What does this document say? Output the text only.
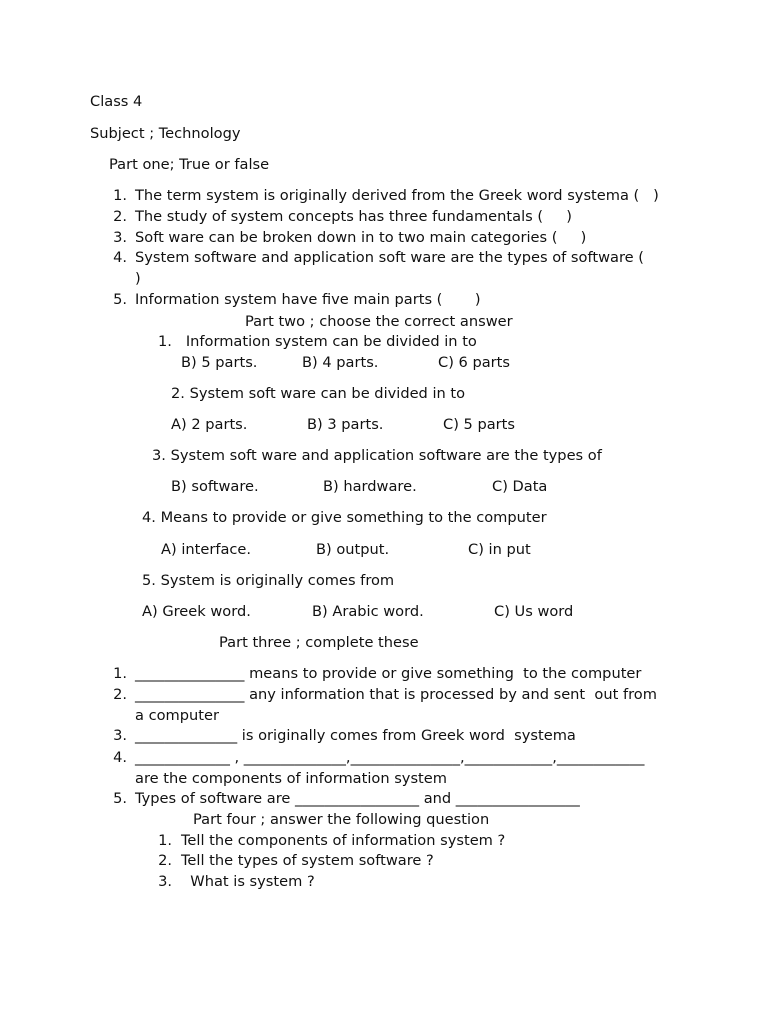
Class 4
Subject ; Technology
Part one; True or false
1. The term system is originally derived from the Greek word systema (   )
2. The study of system concepts has three fundamentals (     )
3. Soft ware can be broken down in to two main categories (     )
4. System software and application soft ware are the types of software (
)
5. Information system have five main parts (       )
Part two ; choose the correct answer
1.   Information system can be divided in to
B) 5 parts.	B) 4 parts.	C) 6 parts
2. System soft ware can be divided in to
A) 2 parts.	B) 3 parts.	C) 5 parts
3. System soft ware and application software are the types of
B) software.	B) hardware.	C) Data
4. Means to provide or give something to the computer
A) interface.	B) output.	C) in put
5. System is originally comes from
A) Greek word.	B) Arabic word.	C) Us word
Part three ; complete these
1. _______________ means to provide or give something  to the computer
2. _______________ any information that is processed by and sent  out from
a computer
3. ______________ is originally comes from Greek word  systema
4. _____________ , ______________,_______________,____________,____________
are the components of information system
5. Types of software are _________________ and _________________
Part four ; answer the following question
1. Tell the components of information system ?
2. Tell the types of system software ?
3. What is system ?
